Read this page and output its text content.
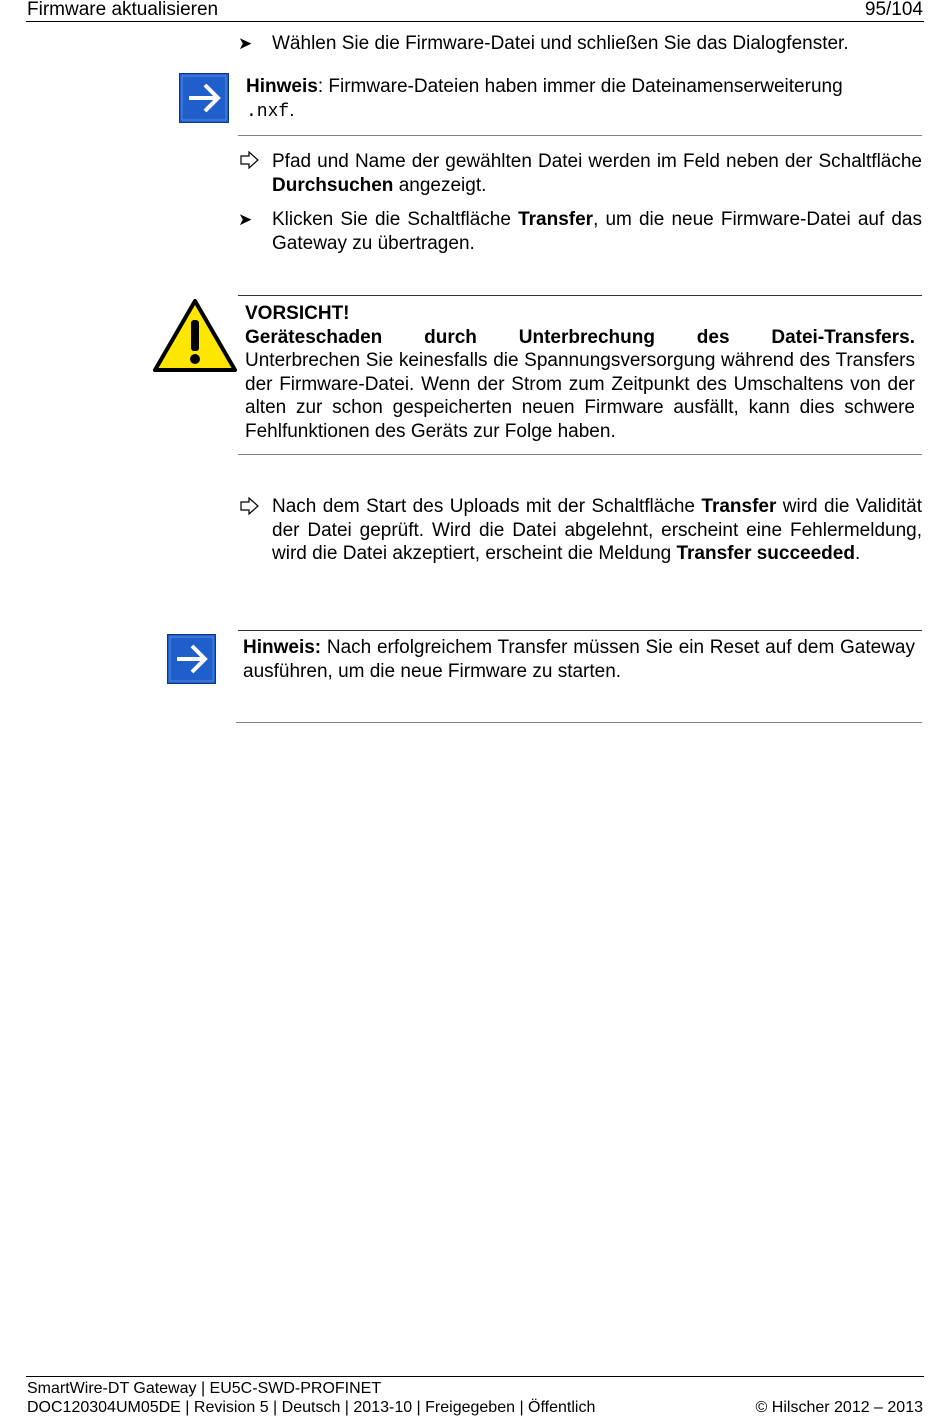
Firmware aktualisieren	95/104
➤ Wählen Sie die Firmware-Datei und schließen Sie das Dialogfenster.
Hinweis: Firmware-Dateien haben immer die Dateinamenserweiterung
.nxf.
Pfad und Name der gewählten Datei werden im Feld neben der Schaltfläche Durchsuchen angezeigt.
➤ Klicken Sie die Schaltfläche Transfer, um die neue Firmware-Datei auf das Gateway zu übertragen.
VORSICHT!
Geräteschaden durch Unterbrechung des Datei-Transfers.
Unterbrechen Sie keinesfalls die Spannungsversorgung während des Transfers der Firmware-Datei. Wenn der Strom zum Zeitpunkt des Umschaltens von der alten zur schon gespeicherten neuen Firmware ausfällt, kann dies schwere Fehlfunktionen des Geräts zur Folge haben.
Nach dem Start des Uploads mit der Schaltfläche Transfer wird die Validität der Datei geprüft. Wird die Datei abgelehnt, erscheint eine Fehlermeldung, wird die Datei akzeptiert, erscheint die Meldung Transfer succeeded.
Hinweis: Nach erfolgreichem Transfer müssen Sie ein Reset auf dem Gateway ausführen, um die neue Firmware zu starten.
SmartWire-DT Gateway | EU5C-SWD-PROFINET
DOC120304UM05DE | Revision 5 | Deutsch | 2013-10 | Freigegeben | Öffentlich	© Hilscher 2012 – 2013
